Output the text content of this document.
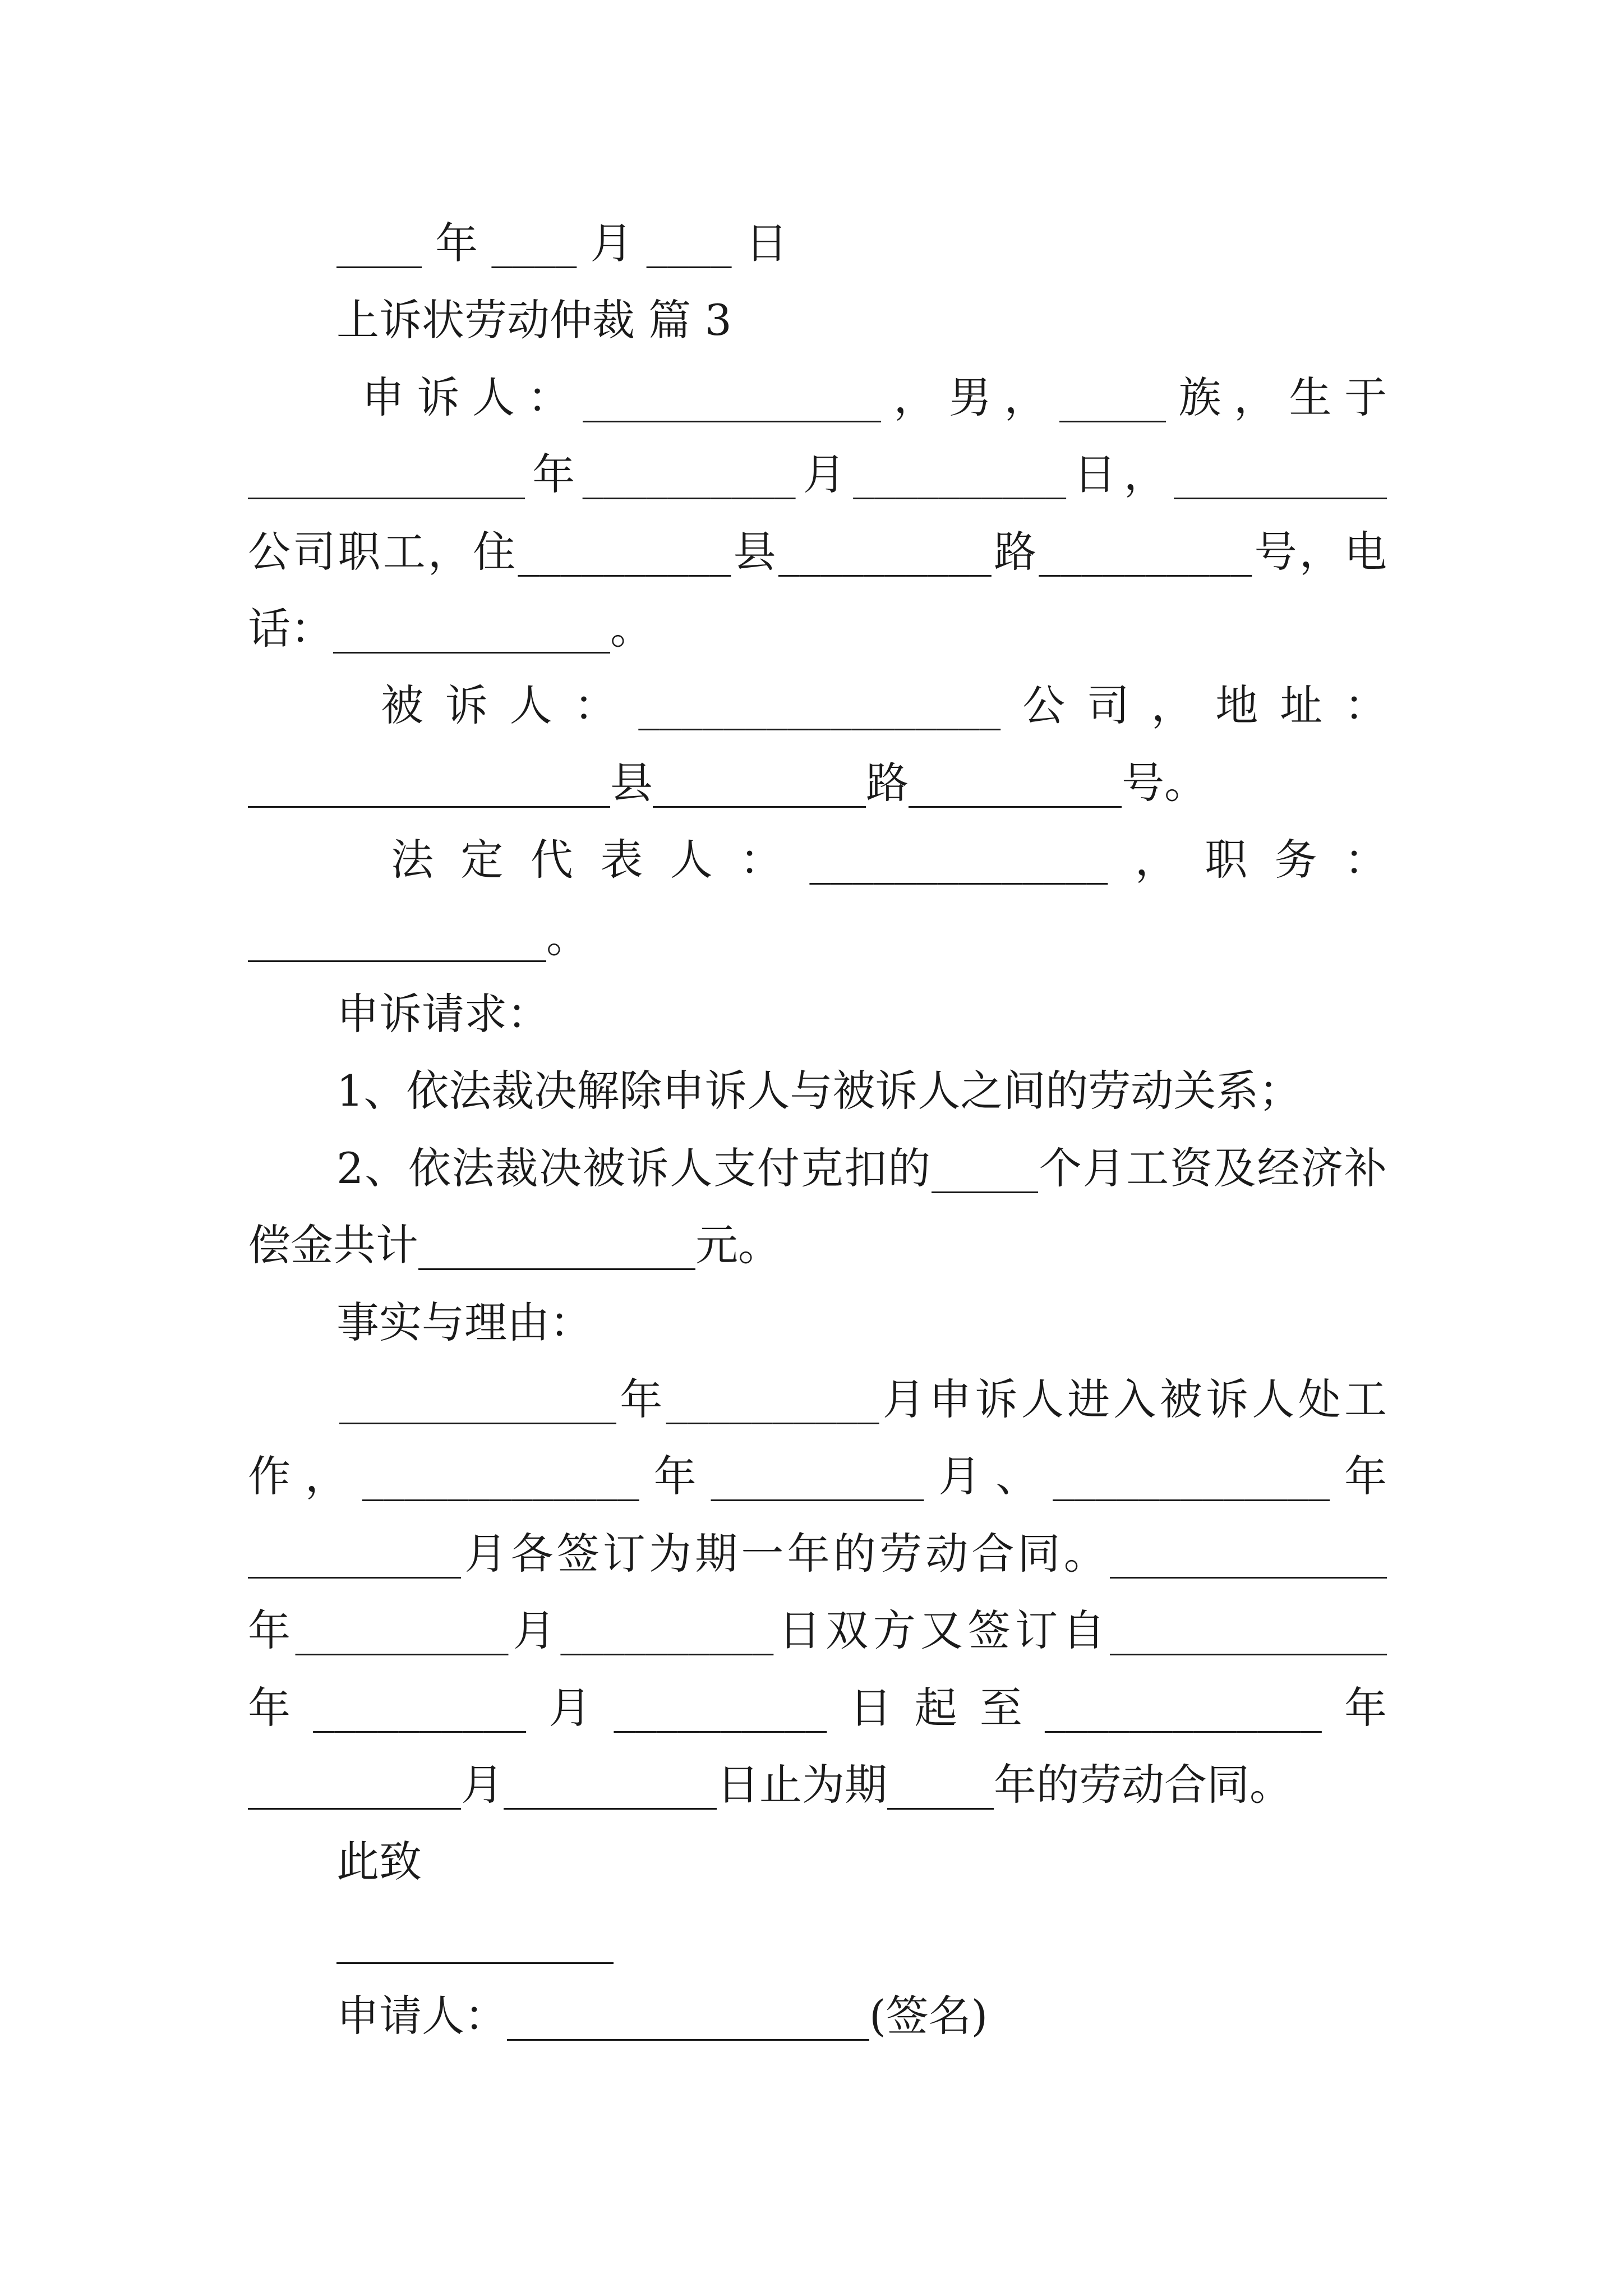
____ 年 ____ 月 ____ 日
上诉状劳动仲裁 篇 3
申诉人：______________，男，_____族，生于
_____________年__________月__________日，__________
公司职工，住__________县__________路__________号，电
话：_____________。
被诉人：_________________公司，地址：
_________________县__________路__________号。
法定代表人：______________，职务：
______________。
申诉请求：
1、依法裁决解除申诉人与被诉人之间的劳动关系；
2、依法裁决被诉人支付克扣的_____个月工资及经济补
偿金共计_____________元。
事实与理由：
_____________年__________月申诉人进入被诉人处工
作，_____________年__________月、_____________年
__________月各签订为期一年的劳动合同。_____________
年__________月__________日双方又签订自_____________
年__________月__________日起至_____________年
__________月__________日止为期_____年的劳动合同。
此致
_____________
申请人：_________________(签名)
